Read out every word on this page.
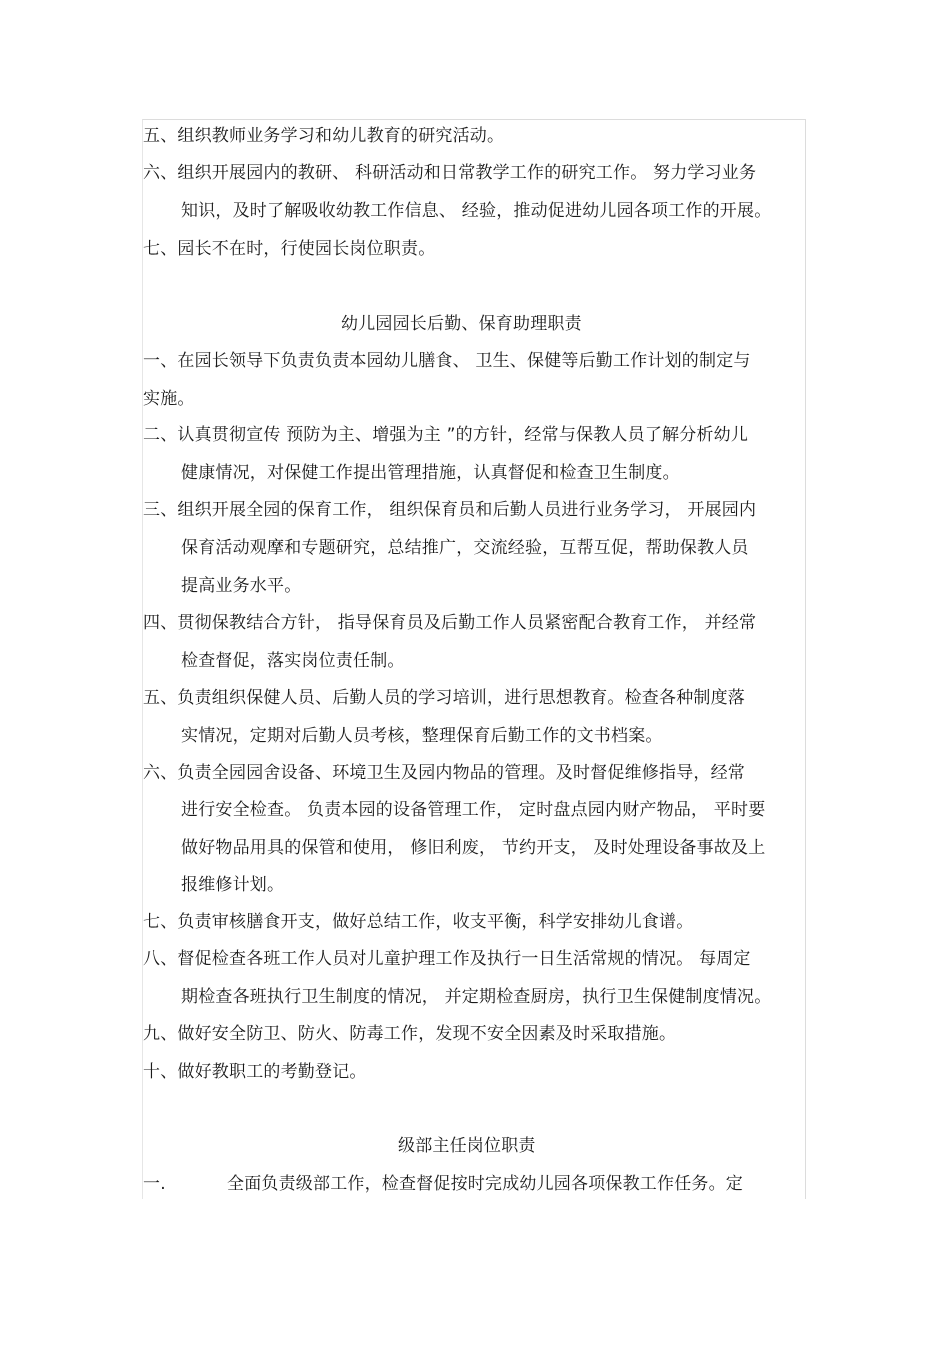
五、组织教师业务学习和幼儿教育的研究活动。
六、组织开展园内的教研、 科研活动和日常教学工作的研究工作。 努力学习业务
知识，及时了解吸收幼教工作信息、 经验，推动促进幼儿园各项工作的开展。
七、园长不在时，行使园长岗位职责。
幼儿园园长后勤、保育助理职责
一、在园长领导下负责负责本园幼儿膳食、 卫生、保健等后勤工作计划的制定与
实施。
二、认真贯彻宣传 预防为主、增强为主 ”的方针，经常与保教人员了解分析幼儿
健康情况，对保健工作提出管理措施，认真督促和检查卫生制度。
三、组织开展全园的保育工作， 组织保育员和后勤人员进行业务学习， 开展园内
保育活动观摩和专题研究，总结推广，交流经验，互帮互促，帮助保教人员
提高业务水平。
四、贯彻保教结合方针， 指导保育员及后勤工作人员紧密配合教育工作， 并经常
检查督促，落实岗位责任制。
五、负责组织保健人员、后勤人员的学习培训，进行思想教育。检查各种制度落
实情况，定期对后勤人员考核，整理保育后勤工作的文书档案。
六、负责全园园舍设备、环境卫生及园内物品的管理。及时督促维修指导，经常
进行安全检查。 负责本园的设备管理工作， 定时盘点园内财产物品， 平时要
做好物品用具的保管和使用， 修旧利废， 节约开支， 及时处理设备事故及上
报维修计划。
七、负责审核膳食开支，做好总结工作，收支平衡，科学安排幼儿食谱。
八、督促检查各班工作人员对儿童护理工作及执行一日生活常规的情况。 每周定
期检查各班执行卫生制度的情况， 并定期检查厨房，执行卫生保健制度情况。
九、做好安全防卫、防火、防毒工作，发现不安全因素及时采取措施。
十、做好教职工的考勤登记。
级部主任岗位职责
一.	全面负责级部工作，检查督促按时完成幼儿园各项保教工作任务。定
